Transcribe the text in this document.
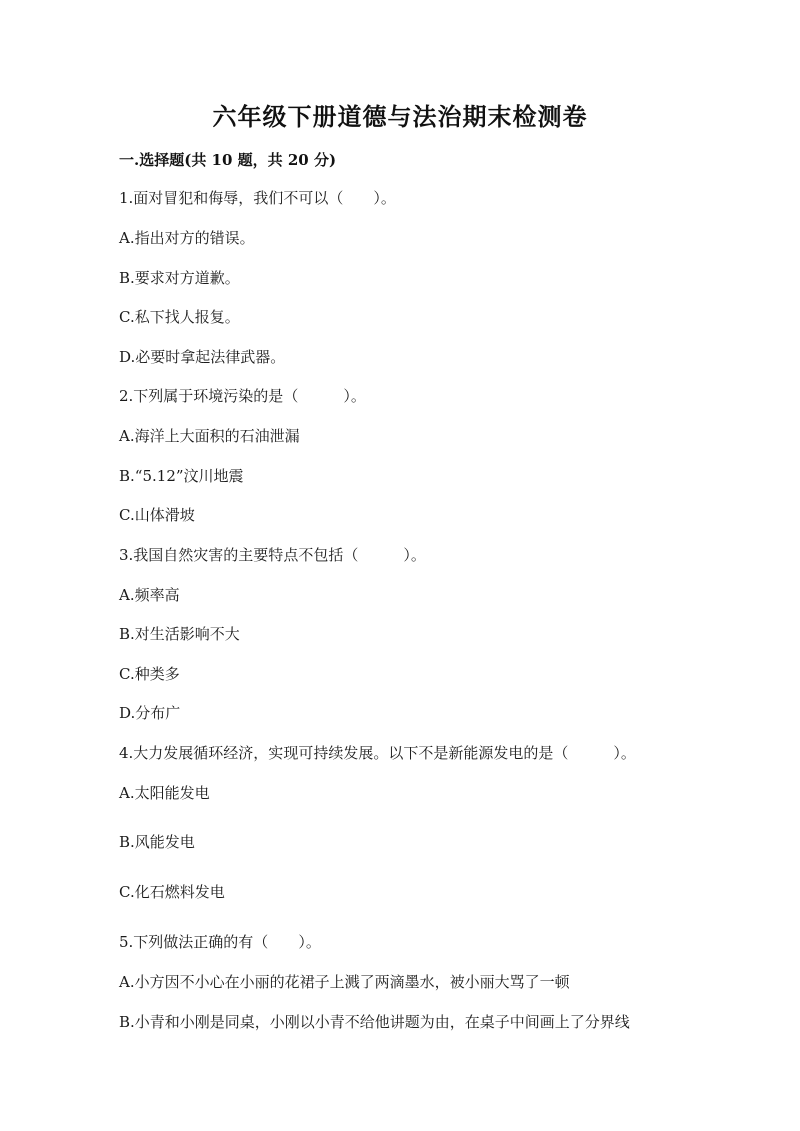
六年级下册道德与法治期末检测卷
一.选择题(共 10 题，共 20 分)
1.面对冒犯和侮辱，我们不可以（　　）。
A.指出对方的错误。
B.要求对方道歉。
C.私下找人报复。
D.必要时拿起法律武器。
2.下列属于环境污染的是（　　　）。
A.海洋上大面积的石油泄漏
B.“5.12”汶川地震
C.山体滑坡
3.我国自然灾害的主要特点不包括（　　　）。
A.频率高
B.对生活影响不大
C.种类多
D.分布广
4.大力发展循环经济，实现可持续发展。以下不是新能源发电的是（　　　）。
A.太阳能发电
B.风能发电
C.化石燃料发电
5.下列做法正确的有（　　）。
A.小方因不小心在小丽的花裙子上溅了两滴墨水，被小丽大骂了一顿
B.小青和小刚是同桌，小刚以小青不给他讲题为由，在桌子中间画上了分界线
